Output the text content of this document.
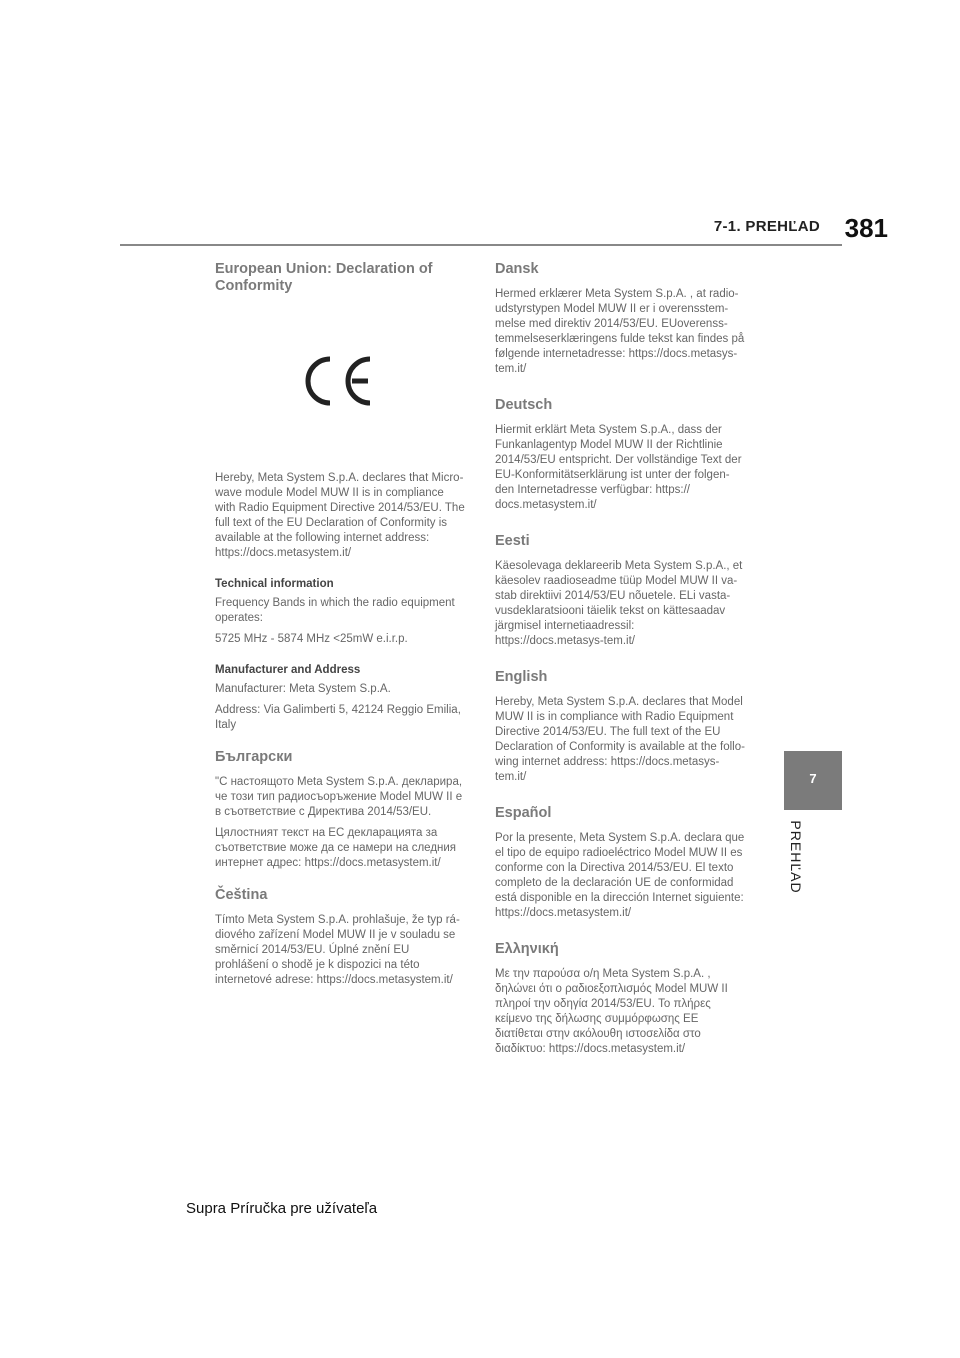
7-1. PREHĽAD 381
European Union: Declaration of Conformity

Hereby, Meta System S.p.A. declares that Micro-wave module Model MUW II is in compliance with Radio Equipment Directive 2014/53/EU. The full text of the EU Declaration of Conformity is available at the following internet address: https://docs.metasystem.it/

Technical information

Frequency Bands in which the radio equipment operates:

5725 MHz - 5874 MHz <25mW e.i.r.p.

Manufacturer and Address

Manufacturer: Meta System S.p.A.

Address: Via Galimberti 5, 42124 Reggio Emilia, Italy

Български

"С настоящото Meta System S.p.A. декларира, че този тип радиосъоръжение Model MUW II е в съответствие с Директива 2014/53/EU.

Цялостният текст на ЕС декларацията за съответствие може да се намери на следния интернет адрес: https://docs.metasystem.it/

Čeština

Tímto Meta System S.p.A. prohlašuje, že typ rá-diového zařízení Model MUW II je v souladu se směrnicí 2014/53/EU. Úplné znění EU prohlášení o shodě je k dispozici na této internetové adrese: https://docs.metasystem.it/

Dansk

Hermed erklærer Meta System S.p.A. , at radio-udstyrstypen Model MUW II er i overensstem-melse med direktiv 2014/53/EU. EUoverenss-temmelseserklæringens fulde tekst kan findes på følgende internetadresse: https://docs.metasys-tem.it/

Deutsch

Hiermit erklärt Meta System S.p.A., dass der Funkanlagentyp Model MUW II der Richtlinie 2014/53/EU entspricht. Der vollständige Text der EU-Konformitätserklärung ist unter der folgen-den Internetadresse verfügbar: https:// docs.metasystem.it/

Eesti

Käesolevaga deklareerib Meta System S.p.A., et käesolev raadioseadme tüüp Model MUW II va-stab direktiivi 2014/53/EU nõuetele. ELi vasta-vusdeklaratsiooni täielik tekst on kättesaadav järgmisel internetiaadressil: https://docs.metasys-tem.it/

English

Hereby, Meta System S.p.A. declares that Model MUW II is in compliance with Radio Equipment Directive 2014/53/EU. The full text of the EU Declaration of Conformity is available at the follo-wing internet address: https://docs.metasys-tem.it/

Español

Por la presente, Meta System S.p.A. declara que el tipo de equipo radioeléctrico Model MUW II es conforme con la Directiva 2014/53/EU. El texto completo de la declaración UE de conformidad está disponible en la dirección Internet siguiente: https://docs.metasystem.it/

Ελληνική

Με την παρούσα ο/η Meta System S.p.A. , δηλώνει ότι ο ραδιοεξοπλισμός Model MUW II πληροί την οδηγία 2014/53/EU. Το πλήρες κείμενο της δήλωσης συμμόρφωσης ΕΕ διατίθεται στην ακόλουθη ιστοσελίδα στο διαδίκτυο: https://docs.metasystem.it/

7
PREHĽAD
Supra Príručka pre užívateľa
